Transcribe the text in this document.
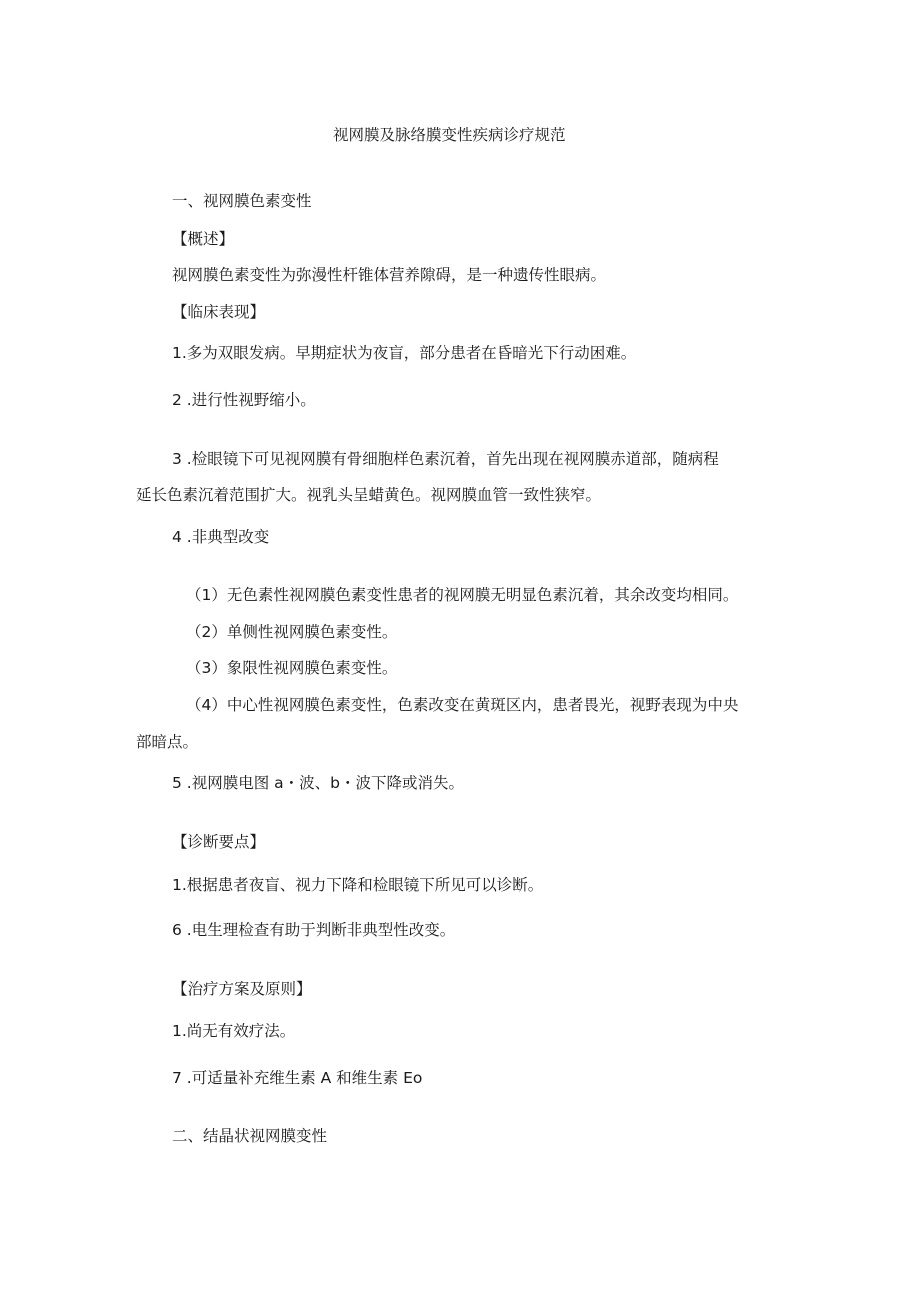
视网膜及脉络膜变性疾病诊疗规范
一、视网膜色素变性
【概述】
视网膜色素变性为弥漫性杆锥体营养隙碍，是一种遗传性眼病。
【临床表现】
1.多为双眼发病。早期症状为夜盲，部分患者在昏暗光下行动困难。
2 .进行性视野缩小。
3 .检眼镜下可见视网膜有骨细胞样色素沉着，首先出现在视网膜赤道部，随病程
延长色素沉着范围扩大。视乳头呈蜡黄色。视网膜血管一致性狭窄。
4 .非典型改变
（1）无色素性视网膜色素变性患者的视网膜无明显色素沉着，其余改变均相同。
（2）单侧性视网膜色素变性。
（3）象限性视网膜色素变性。
（4）中心性视网膜色素变性，色素改变在黄斑区内，患者畏光，视野表现为中央
部暗点。
5 .视网膜电图 a・波、b・波下降或消失。
【诊断要点】
1.根据患者夜盲、视力下降和检眼镜下所见可以诊断。
6 .电生理检查有助于判断非典型性改变。
【治疗方案及原则】
1.尚无有效疗法。
7 .可适量补充维生素 A 和维生素 Eo
二、结晶状视网膜变性
